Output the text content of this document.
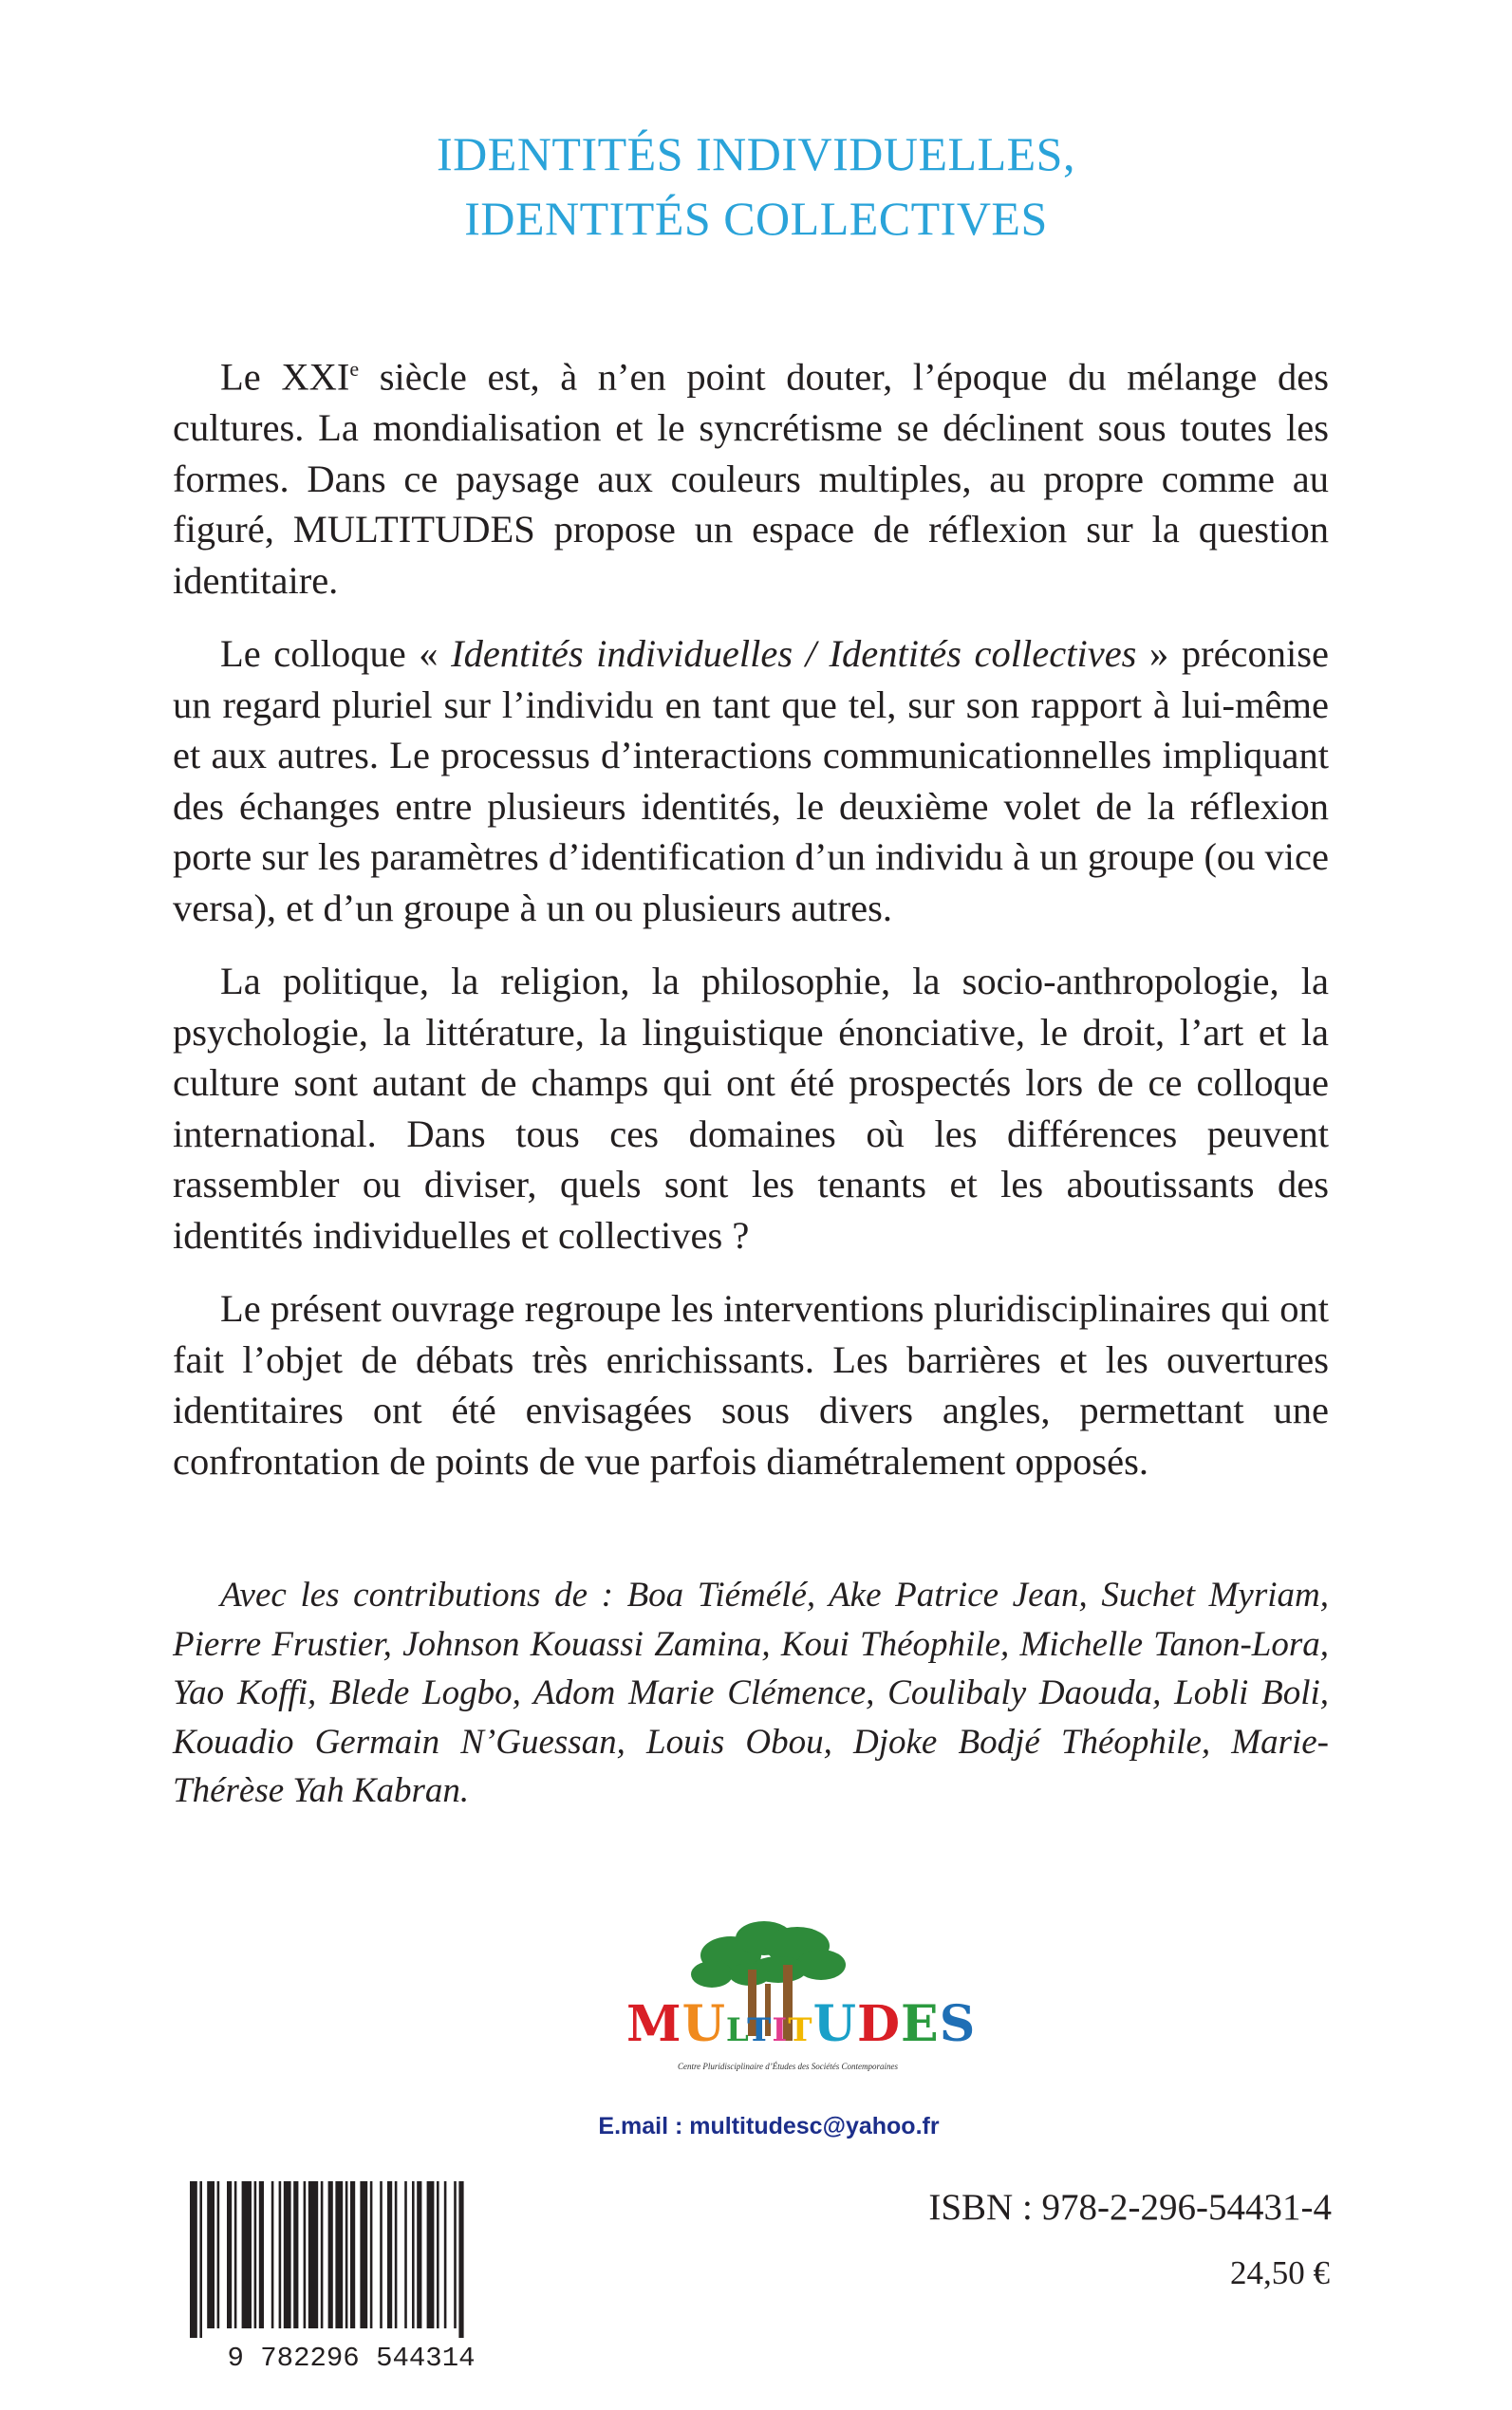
IDENTITÉS INDIVIDUELLES,
IDENTITÉS COLLECTIVES

Le XXIe siècle est, à n’en point douter, l’époque du mélange des cultures. La mondialisation et le syncrétisme se déclinent sous toutes les formes. Dans ce paysage aux couleurs multiples, au propre comme au figuré, MULTITUDES propose un espace de réflexion sur la question identitaire.

Le colloque « Identités individuelles / Identités collectives » préconise un regard pluriel sur l’individu en tant que tel, sur son rapport à lui-même et aux autres. Le processus d’interactions communicationnelles impliquant des échanges entre plusieurs identités, le deuxième volet de la réflexion porte sur les paramètres d’identification d’un individu à un groupe (ou vice versa), et d’un groupe à un ou plusieurs autres.

La politique, la religion, la philosophie, la socio-anthropologie, la psychologie, la littérature, la linguistique énonciative, le droit, l’art et la culture sont autant de champs qui ont été prospectés lors de ce colloque international. Dans tous ces domaines où les différences peuvent rassembler ou diviser, quels sont les tenants et les aboutissants des identités individuelles et collectives ?

Le présent ouvrage regroupe les interventions pluridisciplinaires qui ont fait l’objet de débats très enrichissants. Les barrières et les ouvertures identitaires ont été envisagées sous divers angles, permettant une confrontation de points de vue parfois diamétralement opposés.

Avec les contributions de : Boa Tiémélé, Ake Patrice Jean, Suchet Myriam, Pierre Frustier, Johnson Kouassi Zamina, Koui Théophile, Michelle Tanon-Lora, Yao Koffi, Blede Logbo, Adom Marie Clémence, Coulibaly Daouda, Lobli Boli, Kouadio Germain N’Guessan, Louis Obou, Djoke Bodjé Théophile, Marie-Thérèse Yah Kabran.
MULTITUDES
Centre Pluridisciplinaire d’Études des Sociétés Contemporaines
E.mail : multitudesc@yahoo.fr
9 782296 544314
ISBN : 978-2-296-54431-4
24,50 €
